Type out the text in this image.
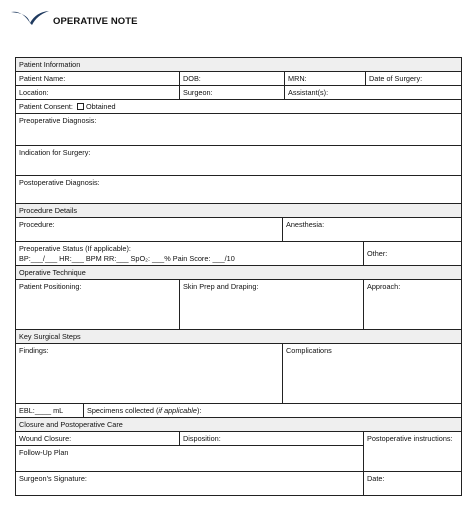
OPERATIVE NOTE
Patient Information
Patient Name:	DOB:	MRN:	Date of Surgery:
Location:	Surgeon:	Assistant(s):
Patient Consent: Obtained
Preoperative Diagnosis:
Indication for Surgery:
Postoperative Diagnosis:
Procedure Details
Procedure:	Anesthesia:
Preoperative Status (If applicable):
BP:___/___ HR:___ BPM RR:___ SpO₂: ___% Pain Score: ___/10
Other:
Operative Technique
Patient Positioning:	Skin Prep and Draping:	Approach:
Key Surgical Steps
Findings:	Complications
EBL:____ mL	Specimens collected (if applicable):
Closure and Postoperative Care
Wound Closure:	Disposition:	Postoperative instructions:
Follow-Up Plan
Surgeon's Signature:	Date:
